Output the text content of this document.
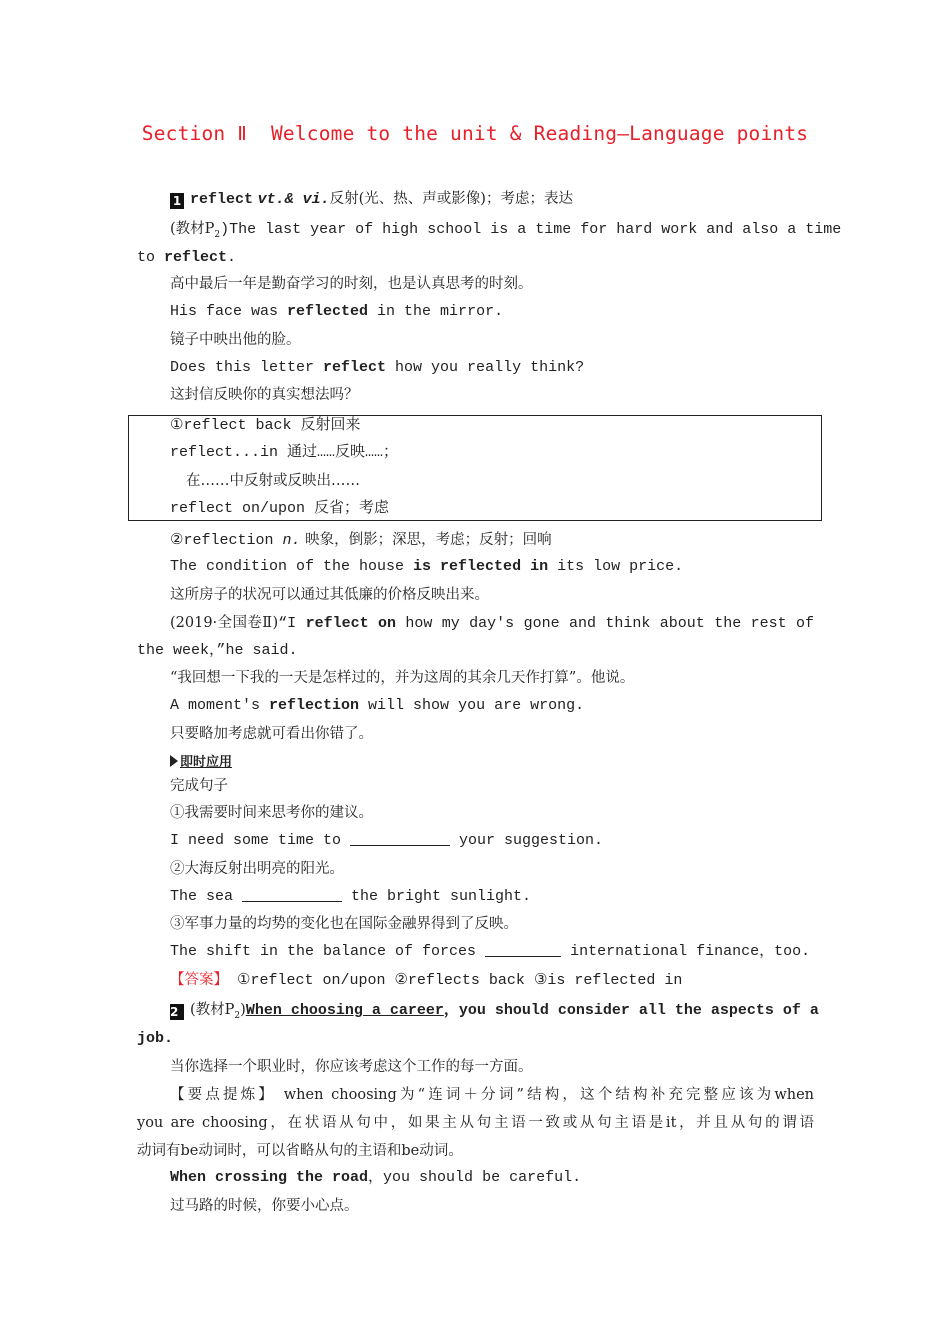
Section Ⅱ  Welcome to the unit & Reading—Language points
1 reflect vt.& vi.反射(光、热、声或影像)；考虑；表达
(教材$P_2)The$ last year of high school is a time for hard work and also a time
to reflect.
高中最后一年是勤奋学习的时刻，也是认真思考的时刻。
His face was reflected in the mirror.
镜子中映出他的脸。
Does this letter reflect how you really think?
这封信反映你的真实想法吗？
①reflect back 反射回来
reflect...in 通过……反映……；
在……中反射或反映出……
reflect on/upon 反省；考虑
②reflection n. 映象，倒影；深思，考虑；反射；回响
The condition of the house is reflected in its low price.
这所房子的状况可以通过其低廉的价格反映出来。
(2019·全国卷Ⅱ)“I reflect on how my day's gone and think about the rest of
the week，”he said.
“我回想一下我的一天是怎样过的，并为这周的其余几天作打算”。他说。
A moment's reflection will show you are wrong.
只要略加考虑就可看出你错了。
即时应用
完成句子
①我需要时间来思考你的建议。
I need some time to	your suggestion.
②大海反射出明亮的阳光。
The sea	the bright sunlight.
③军事力量的均势的变化也在国际金融界得到了反映。
The shift in the balance of forces	international finance，too.
【答案】 ①reflect on/upon ②reflects back ③is reflected in
2 (教材$P_2)When$ choosing a career，you should consider all the aspects of a
job.
当你选择一个职业时，你应该考虑这个工作的每一方面。
【要点提炼】 when choosing为“连词＋分词”结构，这个结构补充完整应该为when
you are choosing，在状语从句中，如果主从句主语一致或从句主语是it，并且从句的谓语
动词有be动词时，可以省略从句的主语和be动词。
When crossing the road，you should be careful.
过马路的时候，你要小心点。
